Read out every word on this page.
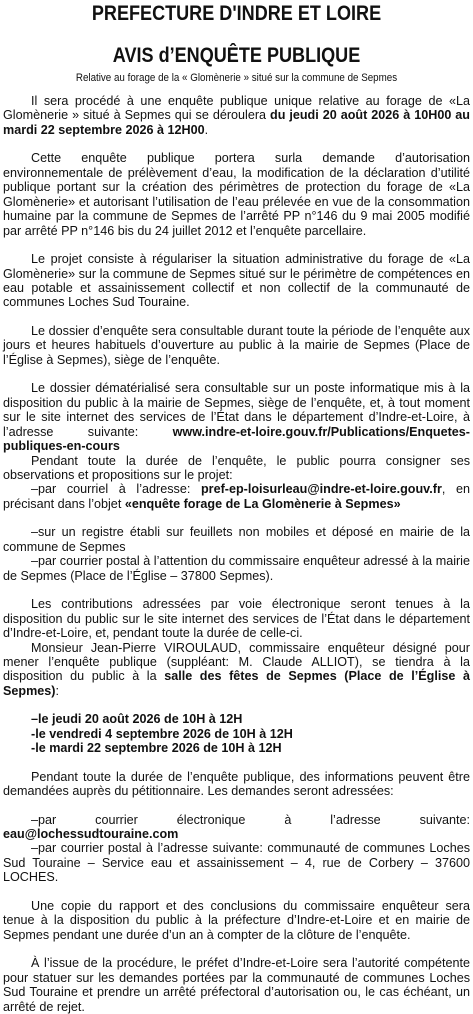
PREFECTURE D'INDRE ET LOIRE
AVIS d’ENQUÊTE PUBLIQUE
Relative au forage de la « Glomènerie » situé sur la commune de Sepmes

Il sera procédé à une enquête publique unique relative au forage de «La Glomènerie » situé à Sepmes qui se déroulera du jeudi 20 août 2026 à 10H00 au mardi 22 septembre 2026 à 12H00.

Cette enquête publique portera surla demande d’autorisation environnementale de prélèvement d’eau, la modification de la déclaration d’utilité publique portant sur la création des périmètres de protection du forage de «La Glomènerie» et autorisant l’utilisation de l’eau prélevée en vue de la consommation humaine par la commune de Sepmes de l’arrêté PP n°146 du 9 mai 2005 modifié par arrêté PP n°146 bis du 24 juillet 2012 et l’enquête parcellaire.

Le projet consiste à régulariser la situation administrative du forage de «La Glomènerie» sur la commune de Sepmes situé sur le périmètre de compétences en eau potable et assainissement collectif et non collectif de la communauté de communes Loches Sud Touraine.

Le dossier d’enquête sera consultable durant toute la période de l’enquête aux jours et heures habituels d’ouverture au public à la mairie de Sepmes (Place de l’Église à Sepmes), siège de l’enquête.

Le dossier dématérialisé sera consultable sur un poste informatique mis à la disposition du public à la mairie de Sepmes, siège de l’enquête, et, à tout moment sur le site internet des services de l’État dans le département d’Indre-et-Loire, à l’adresse suivante: www.indre-et-loire.gouv.fr/Publications/Enquetes-publiques-en-cours

Pendant toute la durée de l’enquête, le public pourra consigner ses observations et propositions sur le projet:

–par courriel à l’adresse: pref-ep-loisurleau@indre-et-loire.gouv.fr, en précisant dans l’objet «enquête forage de La Glomènerie à Sepmes»

–sur un registre établi sur feuillets non mobiles et déposé en mairie de la commune de Sepmes

–par courrier postal à l’attention du commissaire enquêteur adressé à la mairie de Sepmes (Place de l’Église – 37800 Sepmes).

Les contributions adressées par voie électronique seront tenues à la disposition du public sur le site internet des services de l’État dans le département d’Indre-et-Loire, et, pendant toute la durée de celle-ci.

Monsieur Jean-Pierre VIROULAUD, commissaire enquêteur désigné pour mener l’enquête publique (suppléant: M. Claude ALLIOT), se tiendra à la disposition du public à la salle des fêtes de Sepmes (Place de l’Église à Sepmes):

–le jeudi 20 août 2026 de 10H à 12H
-le vendredi 4 septembre 2026 de 10H à 12H
-le mardi 22 septembre 2026 de 10H à 12H

Pendant toute la durée de l’enquête publique, des informations peuvent être demandées auprès du pétitionnaire. Les demandes seront adressées:

–par courrier électronique à l’adresse suivante: eau@lochessudtouraine.com

–par courrier postal à l’adresse suivante: communauté de communes Loches Sud Touraine – Service eau et assainissement – 4, rue de Corbery – 37600 LOCHES.

Une copie du rapport et des conclusions du commissaire enquêteur sera tenue à la disposition du public à la préfecture d’Indre-et-Loire et en mairie de Sepmes pendant une durée d’un an à compter de la clôture de l’enquête.

À l’issue de la procédure, le préfet d’Indre-et-Loire sera l’autorité compétente pour statuer sur les demandes portées par la communauté de communes Loches Sud Touraine et prendre un arrêté préfectoral d’autorisation ou, le cas échéant, un arrêté de rejet.
